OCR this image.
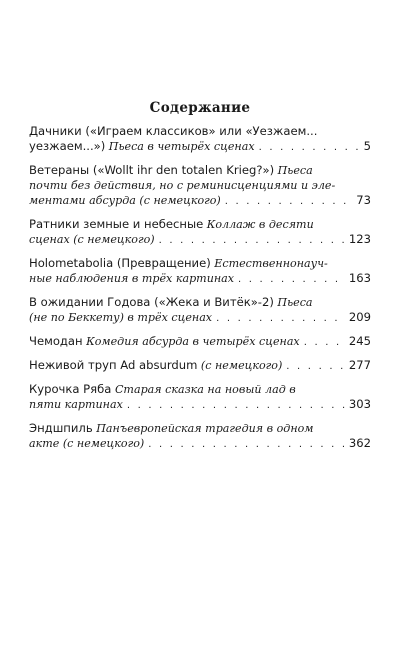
Содержание
Дачники («Играем классиков» или «Уезжаем...
уезжаем...») Пьеса в четырёх сценах . . .	5
Ветераны («Wollt ihr den totalen Krieg?») Пьеса
почти без действия, но с реминисценциями и эле-
ментами абсурда (с немецкого) . . .	73
Ратники земные и небесные Коллаж в десяти
сценах (с немецкого) . . .	123
Holometabolia (Превращение) Естественнонауч-
ные наблюдения в трёх картинах . . .	163
В ожидании Годова («Жека и Витёк»-2) Пьеса
(не по Беккету) в трёх сценах . . .	209
Чемодан Комедия абсурда в четырёх сценах . . .	245
Неживой труп Ad absurdum (с немецкого) . . .	277
Курочка Ряба Старая сказка на новый лад в
пяти картинах . . .	303
Эндшпиль Панъевропейская трагедия в одном
акте (с немецкого) . . .	362
